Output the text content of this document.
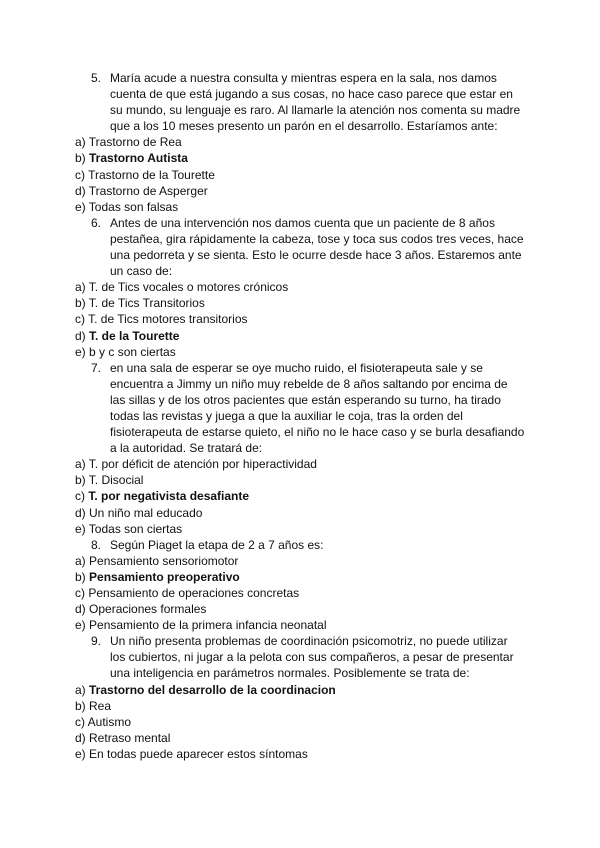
5. María acude a nuestra consulta y mientras espera en la sala, nos damos cuenta de que está jugando a sus cosas, no hace caso parece que estar en su mundo, su lenguaje es raro. Al llamarle la atención nos comenta su madre que a los 10 meses presento un parón en el desarrollo. Estaríamos ante:

a) Trastorno de Rea
b) Trastorno Autista
c) Trastorno de la Tourette
d) Trastorno de Asperger
e) Todas son falsas

6. Antes de una intervención nos damos cuenta que un paciente de 8 años pestañea, gira rápidamente la cabeza, tose y toca sus codos tres veces, hace una pedorreta y se sienta. Esto le ocurre desde hace 3 años. Estaremos ante un caso de:

a) T. de Tics vocales o motores crónicos
b) T. de Tics Transitorios
c) T. de Tics motores transitorios
d) T. de la Tourette
e) b y c son ciertas

7. en una sala de esperar se oye mucho ruido, el fisioterapeuta sale y se encuentra a Jimmy un niño muy rebelde de 8 años saltando por encima de las sillas y de los otros pacientes que están esperando su turno, ha tirado todas las revistas y juega a que la auxiliar le coja, tras la orden del fisioterapeuta de estarse quieto, el niño no le hace caso y se burla desafiando a la autoridad. Se tratará de:

a) T. por déficit de atención por hiperactividad
b) T. Disocial
c) T. por negativista desafiante
d) Un niño mal educado
e) Todas son ciertas

8. Según Piaget la etapa de 2 a 7 años es:

a) Pensamiento sensoriomotor
b) Pensamiento preoperativo
c) Pensamiento de operaciones concretas
d) Operaciones formales
e) Pensamiento de la primera infancia neonatal

9. Un niño presenta problemas de coordinación psicomotriz, no puede utilizar los cubiertos, ni jugar a la pelota con sus compañeros, a pesar de presentar una inteligencia en parámetros normales. Posiblemente se trata de:

a) Trastorno del desarrollo de la coordinacion
b) Rea
c) Autismo
d) Retraso mental
e) En todas puede aparecer estos síntomas
